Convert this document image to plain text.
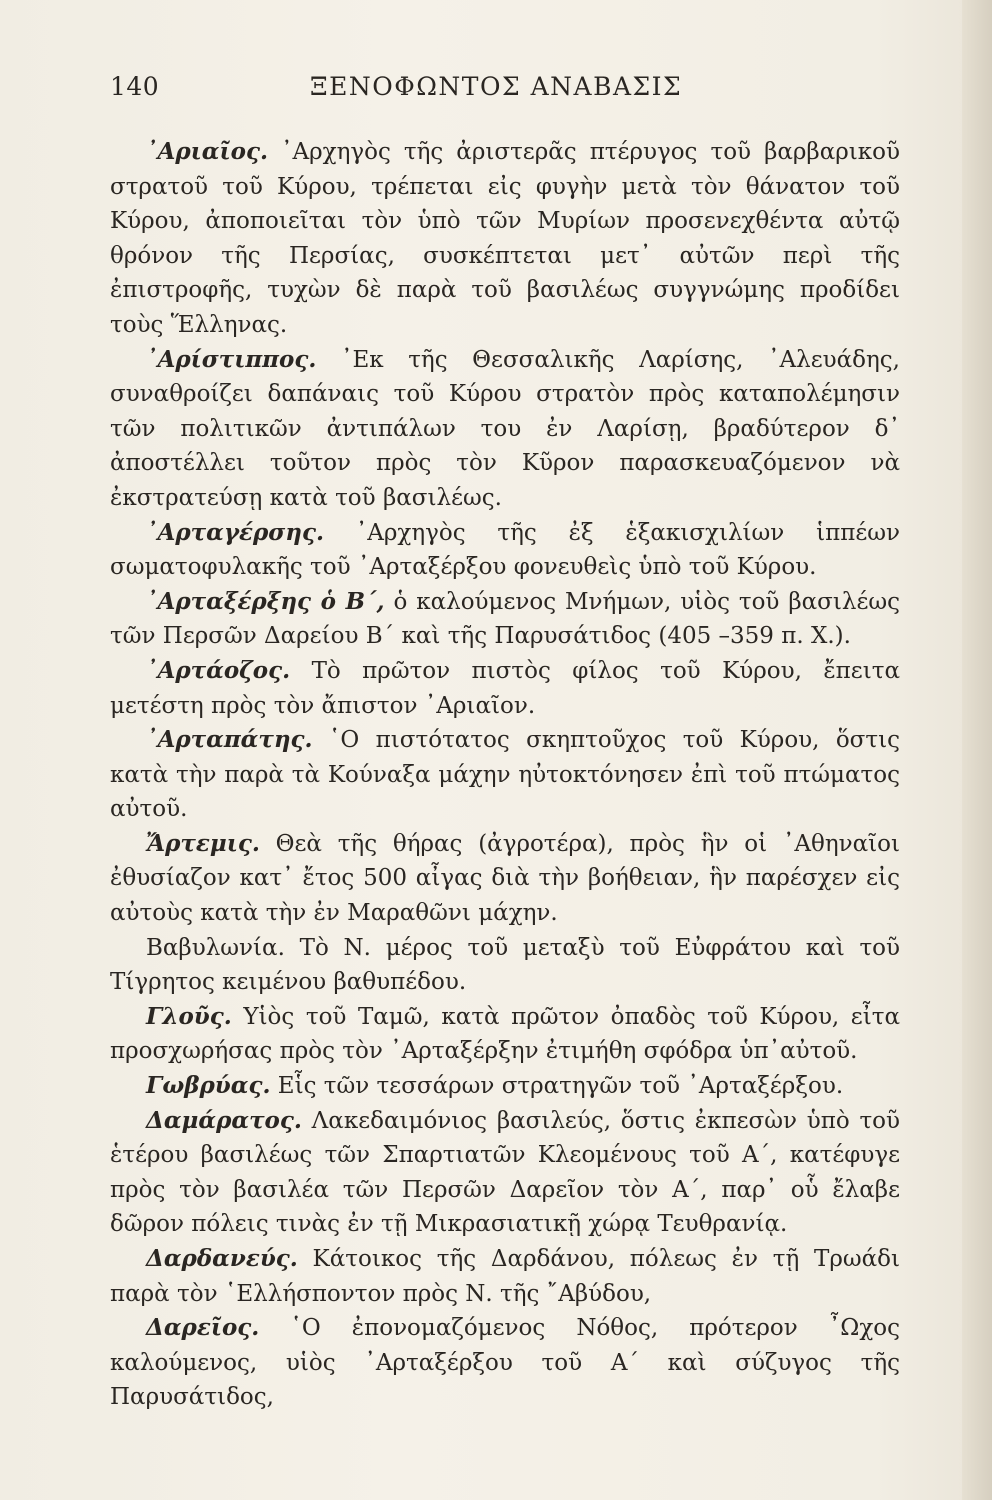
140	ΞΕΝΟΦΩΝΤΟΣ ΑΝΑΒΑΣΙΣ

᾿Αριαῖος. ᾿Αρχηγὸς τῆς ἀριστερᾶς πτέρυγος τοῦ βαρβαρικοῦ στρατοῦ τοῦ Κύρου, τρέπεται εἰς φυγὴν μετὰ τὸν θάνατον τοῦ Κύρου, ἀποποιεῖται τὸν ὑπὸ τῶν Μυρίων προσενεχθέντα αὐτῷ θρόνον τῆς Περσίας, συσκέπτεται μετ᾿ αὐτῶν περὶ τῆς ἐπιστροφῆς, τυχὼν δὲ παρὰ τοῦ βασιλέως συγγνώμης προδίδει τοὺς Ἕλληνας.

᾿Αρίστιππος. ᾿Εκ τῆς Θεσσαλικῆς Λαρίσης, ᾿Αλευάδης, συναθροίζει δαπάναις τοῦ Κύρου στρατὸν πρὸς καταπολέμησιν τῶν πολιτικῶν ἀντιπάλων του ἐν Λαρίσῃ, βραδύτερον δ᾿ ἀποστέλλει τοῦτον πρὸς τὸν Κῦρον παρασκευαζόμενον νὰ ἐκστρατεύσῃ κατὰ τοῦ βασιλέως.

᾿Αρταγέρσης. ᾿Αρχηγὸς τῆς ἐξ ἑξακισχιλίων ἱππέων σωματοφυλακῆς τοῦ ᾿Αρταξέρξου φονευθεὶς ὑπὸ τοῦ Κύρου.

᾿Αρταξέρξης ὁ Β΄, ὁ καλούμενος Μνήμων, υἱὸς τοῦ βασιλέως τῶν Περσῶν Δαρείου Β΄ καὶ τῆς Παρυσάτιδος (405 –359 π. Χ.).

᾿Αρτάοζος. Τὸ πρῶτον πιστὸς φίλος τοῦ Κύρου, ἔπειτα μετέστη πρὸς τὸν ἄπιστον ᾿Αριαῖον.

᾿Αρταπάτης. ῾Ο πιστότατος σκηπτοῦχος τοῦ Κύρου, ὅστις κατὰ τὴν παρὰ τὰ Κούναξα μάχην ηὐτοκτόνησεν ἐπὶ τοῦ πτώματος αὐτοῦ.

Ἄρτεμις. Θεὰ τῆς θήρας (ἀγροτέρα), πρὸς ἣν οἱ ᾿Αθηναῖοι ἐθυσίαζον κατ᾿ ἔτος 500 αἶγας διὰ τὴν βοήθειαν, ἣν παρέσχεν εἰς αὐτοὺς κατὰ τὴν ἐν Μαραθῶνι μάχην.

Βαβυλωνία. Τὸ Ν. μέρος τοῦ μεταξὺ τοῦ Εὐφράτου καὶ τοῦ Τίγρητος κειμένου βαθυπέδου.

Γλοῦς. Υἱὸς τοῦ Ταμῶ, κατὰ πρῶτον ὀπαδὸς τοῦ Κύρου, εἶτα προσχωρήσας πρὸς τὸν ᾿Αρταξέρξην ἐτιμήθη σφόδρα ὑπ᾿αὐτοῦ.

Γωβρύας. Εἷς τῶν τεσσάρων στρατηγῶν τοῦ ᾿Αρταξέρξου.

Δαμάρατος. Λακεδαιμόνιος βασιλεύς, ὅστις ἐκπεσὼν ὑπὸ τοῦ ἑτέρου βασιλέως τῶν Σπαρτιατῶν Κλεομένους τοῦ Α΄, κατέφυγε πρὸς τὸν βασιλέα τῶν Περσῶν Δαρεῖον τὸν Α΄, παρ᾿ οὗ ἔλαβε δῶρον πόλεις τινὰς ἐν τῇ Μικρασιατικῇ χώρᾳ Τευθρανίᾳ.

Δαρδανεύς. Κάτοικος τῆς Δαρδάνου, πόλεως ἐν τῇ Τρωάδι παρὰ τὸν ῾Ελλήσποντον πρὸς Ν. τῆς ῎Αβύδου,

Δαρεῖος. ῾Ο ἐπονομαζόμενος Νόθος, πρότερον ῏Ωχος καλούμενος, υἱὸς ᾿Αρταξέρξου τοῦ Α΄ καὶ σύζυγος τῆς Παρυσάτιδος,
